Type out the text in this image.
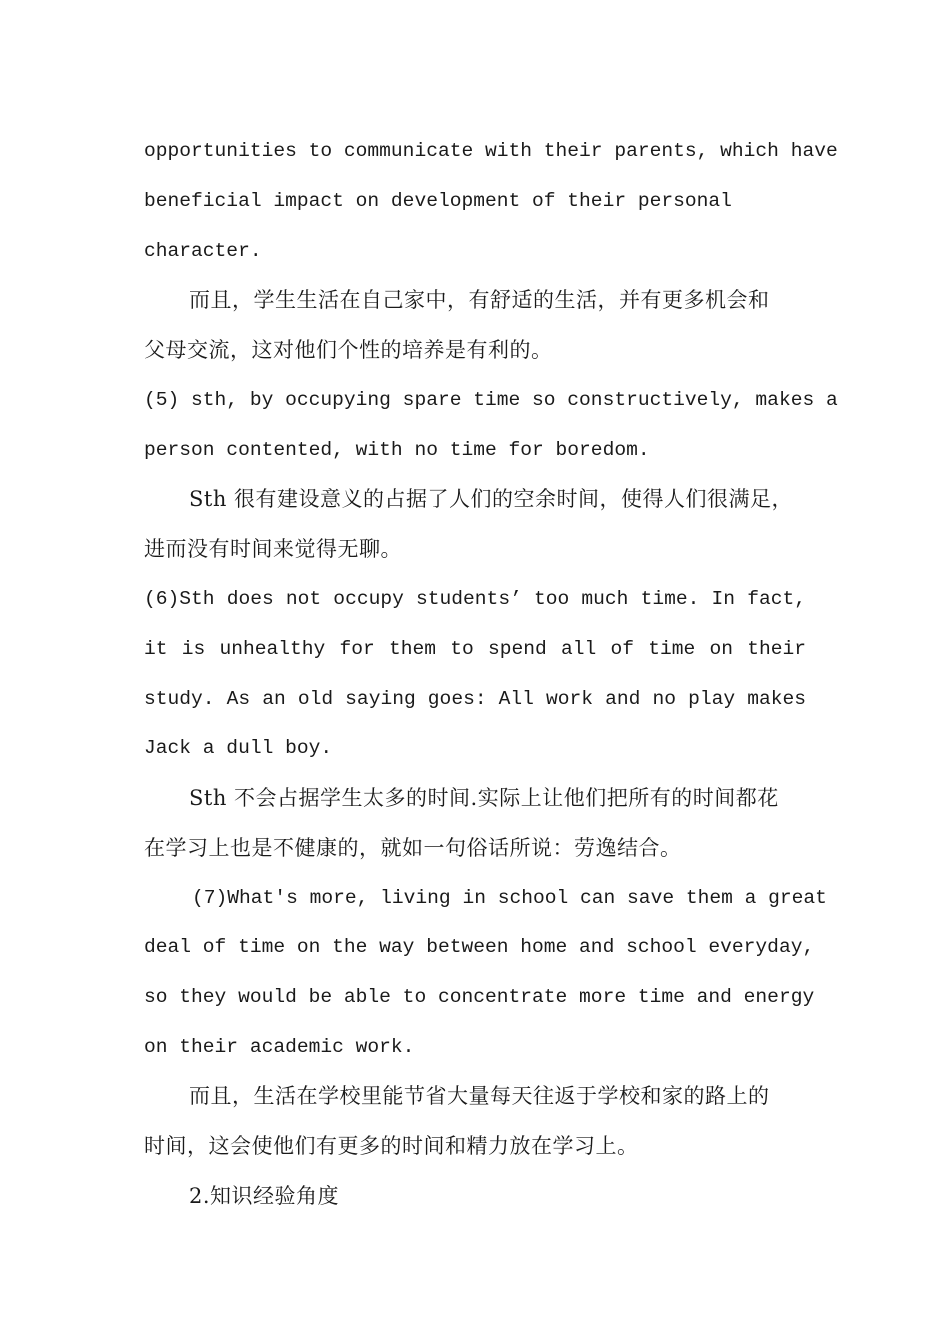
opportunities to communicate with their parents, which have
beneficial impact on development of their personal
character.
而且，学生生活在自己家中，有舒适的生活，并有更多机会和
父母交流，这对他们个性的培养是有利的。
(5) sth, by occupying spare time so constructively, makes a
person contented, with no time for boredom.
Sth 很有建设意义的占据了人们的空余时间，使得人们很满足，
进而没有时间来觉得无聊。
(6)Sth does not occupy students’ too much time. In fact,
it is unhealthy for them to spend all of time on their
study. As an old saying goes: All work and no play makes
Jack a dull boy.
Sth 不会占据学生太多的时间.实际上让他们把所有的时间都花
在学习上也是不健康的，就如一句俗话所说：劳逸结合。
(7)What′s more, living in school can save them a great
deal of time on the way between home and school everyday,
so they would be able to concentrate more time and energy
on their academic work.
而且，生活在学校里能节省大量每天往返于学校和家的路上的
时间，这会使他们有更多的时间和精力放在学习上。
2.知识经验角度
